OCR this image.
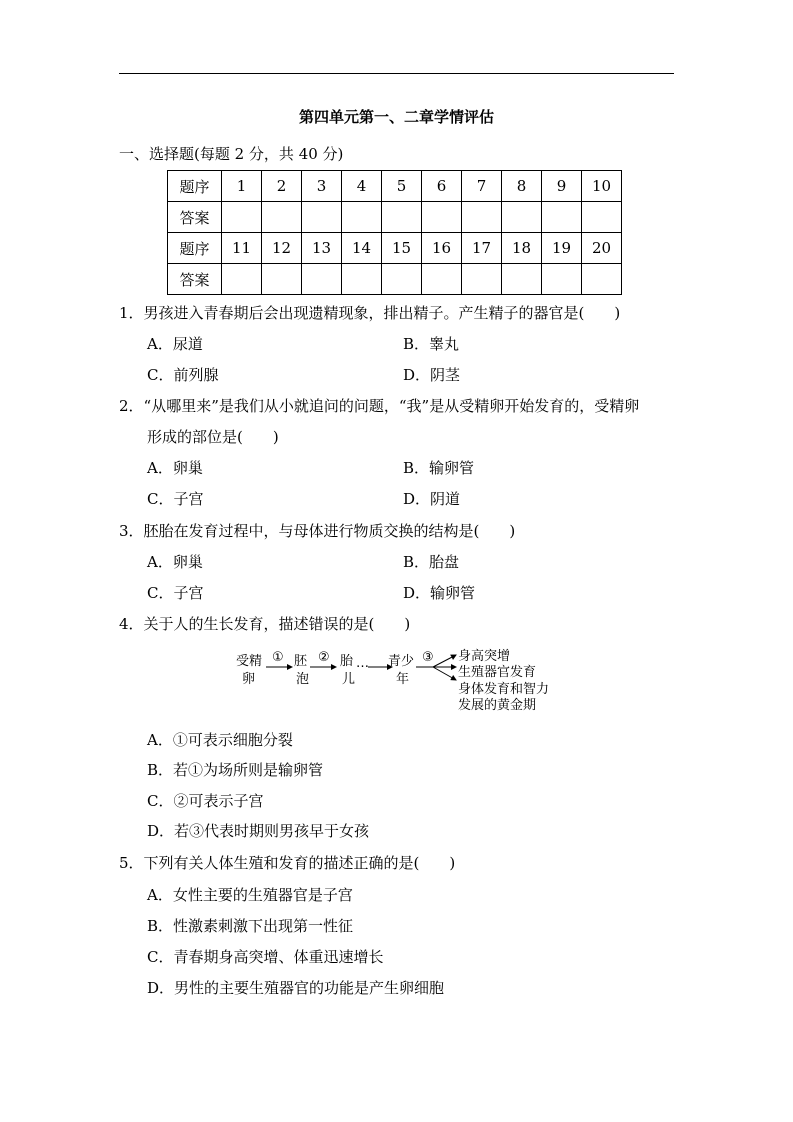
第四单元第一、二章学情评估
一、选择题(每题 2 分，共 40 分)
题序	1	2	3	4	5	6	7	8	9	10
答案										
题序	11	12	13	14	15	16	17	18	19	20
答案										
1．男孩进入青春期后会出现遗精现象，排出精子。产生精子的器官是(　　)
A．尿道	B．睾丸
C．前列腺	D．阴茎
2．“从哪里来”是我们从小就追问的问题，“我”是从受精卵开始发育的，受精卵
形成的部位是(　　)
A．卵巢	B．输卵管
C．子宫	D．阴道
3．胚胎在发育过程中，与母体进行物质交换的结构是(　　)
A．卵巢	B．胎盘
C．子宫	D．输卵管
4．关于人的生长发育，描述错误的是(　　)
受精
卵
① 胚
泡
② 胎
儿
… 青少
年
③ 身高突增
生殖器官发育
身体发育和智力
发展的黄金期
A．①可表示细胞分裂
B．若①为场所则是输卵管
C．②可表示子宫
D．若③代表时期则男孩早于女孩
5．下列有关人体生殖和发育的描述正确的是(　　)
A．女性主要的生殖器官是子宫
B．性激素刺激下出现第一性征
C．青春期身高突增、体重迅速增长
D．男性的主要生殖器官的功能是产生卵细胞
